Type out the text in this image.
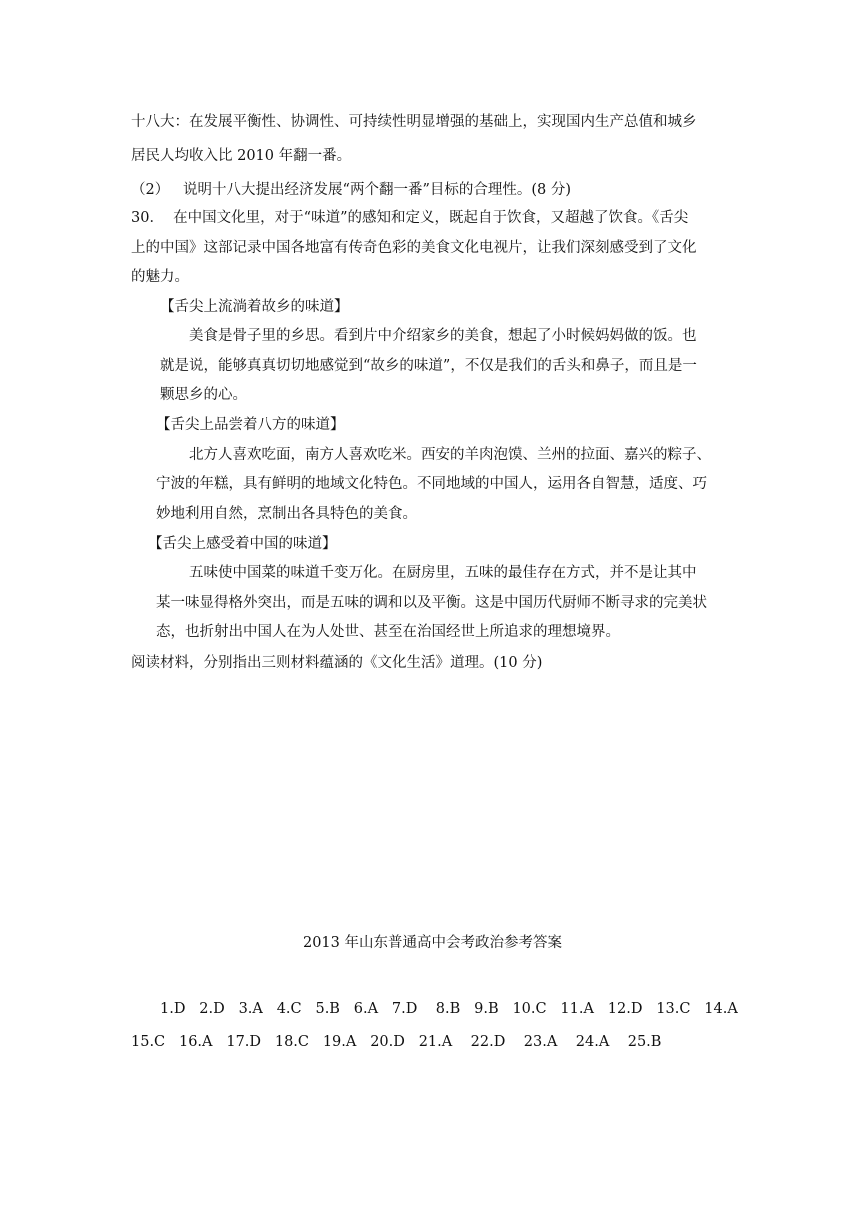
十八大：在发展平衡性、协调性、可持续性明显增强的基础上，实现国内生产总值和城乡
居民人均收入比 2010 年翻一番。
（2）   说明十八大提出经济发展“两个翻一番”目标的合理性。(8 分)
30．  在中国文化里，对于“味道”的感知和定义，既起自于饮食，又超越了饮食。《舌尖
上的中国》这部记录中国各地富有传奇色彩的美食文化电视片，让我们深刻感受到了文化
的魅力。
【舌尖上流淌着故乡的味道】
美食是骨子里的乡思。看到片中介绍家乡的美食，想起了小时候妈妈做的饭。也
就是说，能够真真切切地感觉到“故乡的味道”，不仅是我们的舌头和鼻子，而且是一
颗思乡的心。
【舌尖上品尝着八方的味道】
北方人喜欢吃面，南方人喜欢吃米。西安的羊肉泡馍、兰州的拉面、嘉兴的粽子、
宁波的年糕，具有鲜明的地域文化特色。不同地域的中国人，运用各自智慧，适度、巧
妙地利用自然，烹制出各具特色的美食。
【舌尖上感受着中国的味道】
五味使中国菜的味道千变万化。在厨房里，五味的最佳存在方式，并不是让其中
某一味显得格外突出，而是五味的调和以及平衡。这是中国历代厨师不断寻求的完美状
态，也折射出中国人在为人处世、甚至在治国经世上所追求的理想境界。
阅读材料，分别指出三则材料蕴涵的《文化生活》道理。(10 分)
2013 年山东普通高中会考政治参考答案
1.D   2.D   3.A   4.C   5.B   6.A   7.D    8.B   9.B   10.C   11.A   12.D   13.C   14.A
15.C   16.A   17.D   18.C   19.A   20.D   21.A    22.D    23.A    24.A    25.B
